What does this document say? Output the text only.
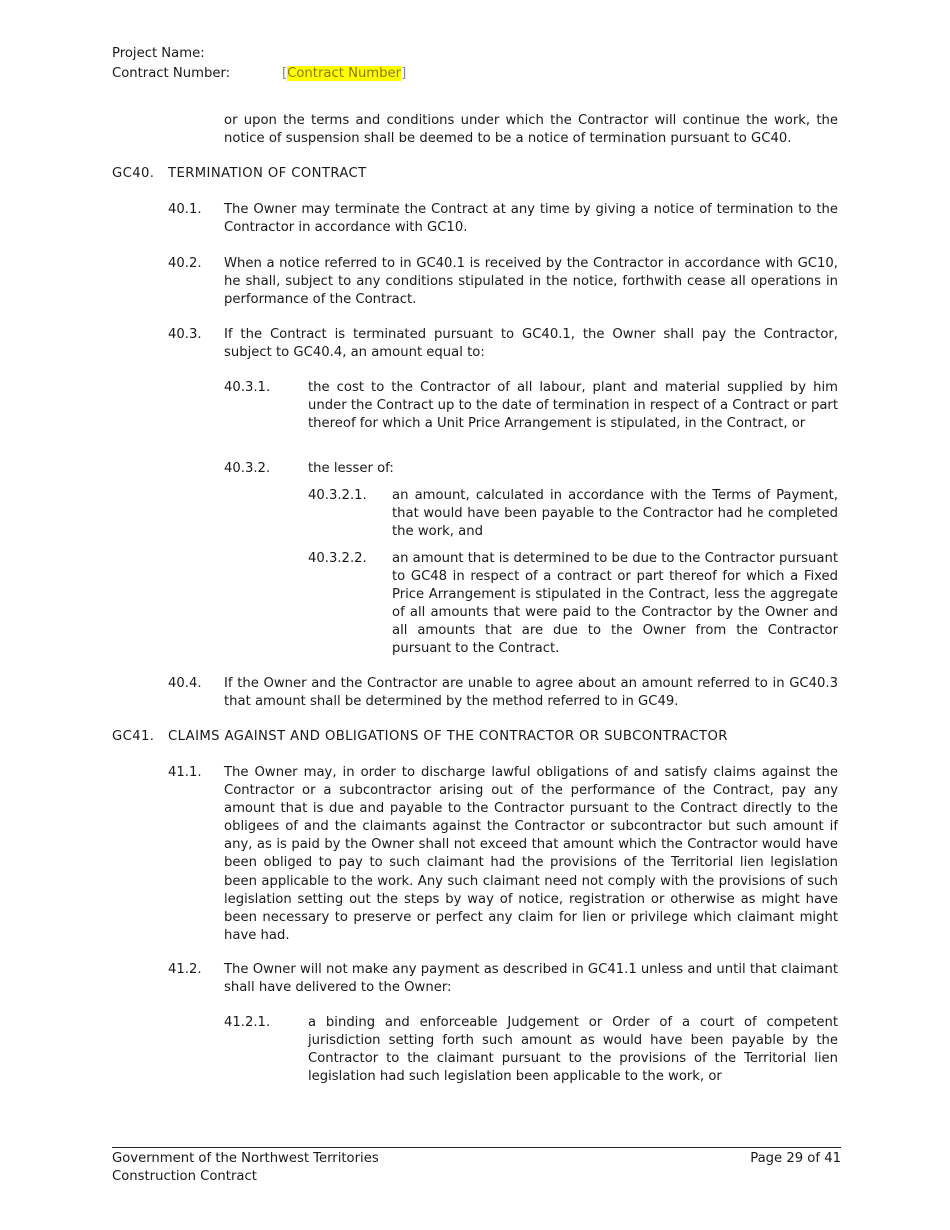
Project Name:
Contract Number:	[Contract Number]
or upon the terms and conditions under which the Contractor will continue the work, the notice of suspension shall be deemed to be a notice of termination pursuant to GC40.
GC40. TERMINATION OF CONTRACT
40.1. The Owner may terminate the Contract at any time by giving a notice of termination to the Contractor in accordance with GC10.
40.2. When a notice referred to in GC40.1 is received by the Contractor in accordance with GC10, he shall, subject to any conditions stipulated in the notice, forthwith cease all operations in performance of the Contract.
40.3. If the Contract is terminated pursuant to GC40.1, the Owner shall pay the Contractor, subject to GC40.4, an amount equal to:
40.3.1.	the cost to the Contractor of all labour, plant and material supplied by him under the Contract up to the date of termination in respect of a Contract or part thereof for which a Unit Price Arrangement is stipulated, in the Contract, or
40.3.2.	the lesser of:
40.3.2.1. an amount, calculated in accordance with the Terms of Payment, that would have been payable to the Contractor had he completed the work, and
40.3.2.2. an amount that is determined to be due to the Contractor pursuant to GC48 in respect of a contract or part thereof for which a Fixed Price Arrangement is stipulated in the Contract, less the aggregate of all amounts that were paid to the Contractor by the Owner and all amounts that are due to the Owner from the Contractor pursuant to the Contract.
40.4. If the Owner and the Contractor are unable to agree about an amount referred to in GC40.3 that amount shall be determined by the method referred to in GC49.
GC41. CLAIMS AGAINST AND OBLIGATIONS OF THE CONTRACTOR OR SUBCONTRACTOR
41.1. The Owner may, in order to discharge lawful obligations of and satisfy claims against the Contractor or a subcontractor arising out of the performance of the Contract, pay any amount that is due and payable to the Contractor pursuant to the Contract directly to the obligees of and the claimants against the Contractor or subcontractor but such amount if any, as is paid by the Owner shall not exceed that amount which the Contractor would have been obliged to pay to such claimant had the provisions of the Territorial lien legislation been applicable to the work. Any such claimant need not comply with the provisions of such legislation setting out the steps by way of notice, registration or otherwise as might have been necessary to preserve or perfect any claim for lien or privilege which claimant might have had.
41.2. The Owner will not make any payment as described in GC41.1 unless and until that claimant shall have delivered to the Owner:
41.2.1.	a binding and enforceable Judgement or Order of a court of competent jurisdiction setting forth such amount as would have been payable by the Contractor to the claimant pursuant to the provisions of the Territorial lien legislation had such legislation been applicable to the work, or
Government of the Northwest Territories
Construction Contract
Page 29 of 41
